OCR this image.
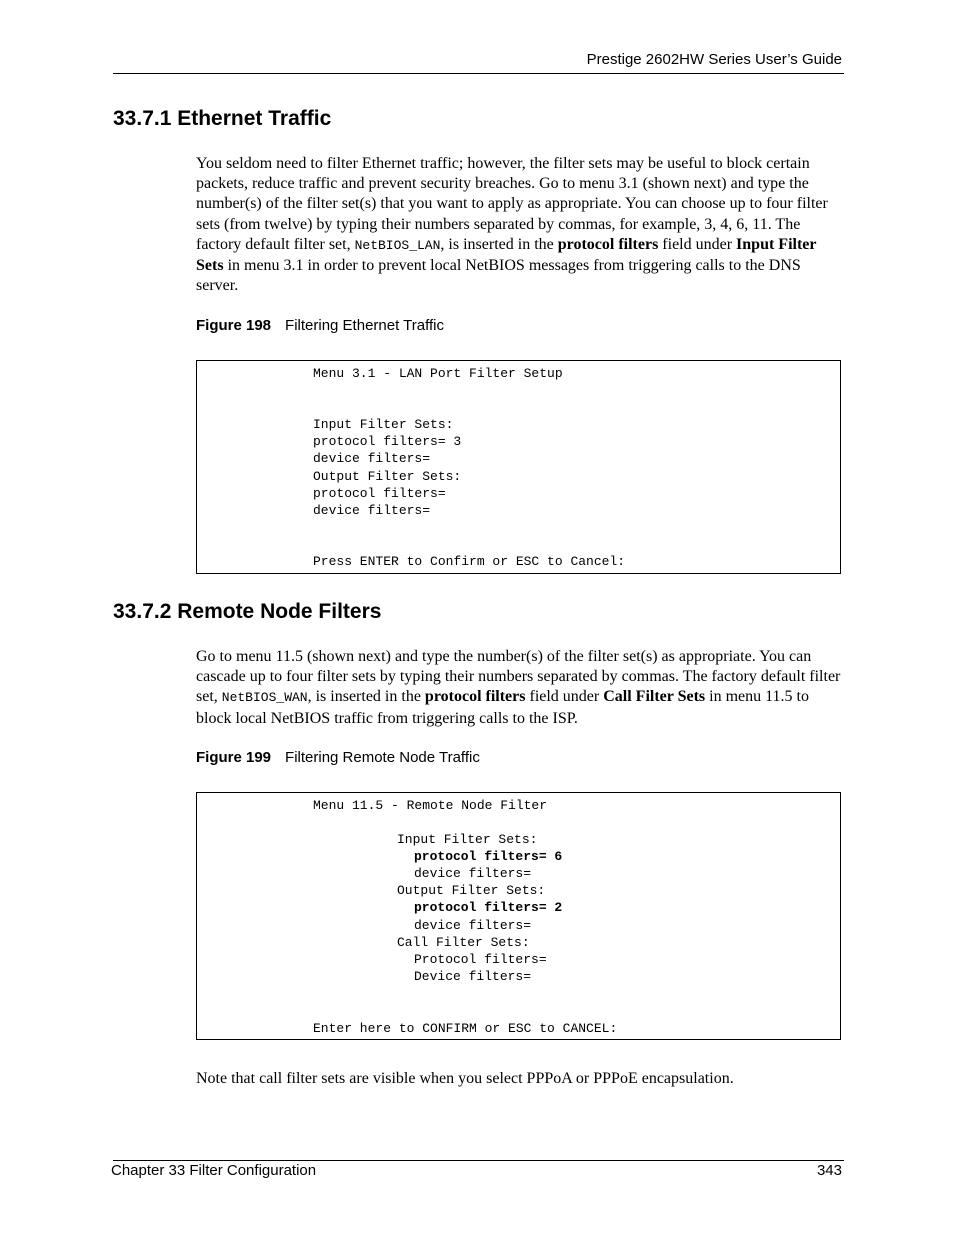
Prestige 2602HW Series User’s Guide
33.7.1 Ethernet Traffic
You seldom need to filter Ethernet traffic; however, the filter sets may be useful to block certain packets, reduce traffic and prevent security breaches. Go to menu 3.1 (shown next) and type the number(s) of the filter set(s) that you want to apply as appropriate. You can choose up to four filter sets (from twelve) by typing their numbers separated by commas, for example, 3, 4, 6, 11. The factory default filter set, NetBIOS_LAN, is inserted in the protocol filters field under Input Filter Sets in menu 3.1 in order to prevent local NetBIOS messages from triggering calls to the DNS server.
Figure 198 Filtering Ethernet Traffic
Menu 3.1 - LAN Port Filter Setup
Input Filter Sets:
protocol filters= 3
device filters=
Output Filter Sets:
protocol filters=
device filters=
Press ENTER to Confirm or ESC to Cancel:
33.7.2 Remote Node Filters
Go to menu 11.5 (shown next) and type the number(s) of the filter set(s) as appropriate. You can cascade up to four filter sets by typing their numbers separated by commas. The factory default filter set, NetBIOS_WAN, is inserted in the protocol filters field under Call Filter Sets in menu 11.5 to block local NetBIOS traffic from triggering calls to the ISP.
Figure 199 Filtering Remote Node Traffic
Menu 11.5 - Remote Node Filter
Input Filter Sets:
protocol filters= 6
device filters=
Output Filter Sets:
protocol filters= 2
device filters=
Call Filter Sets:
Protocol filters=
Device filters=
Enter here to CONFIRM or ESC to CANCEL:
Note that call filter sets are visible when you select PPPoA or PPPoE encapsulation.
Chapter 33 Filter Configuration	343
